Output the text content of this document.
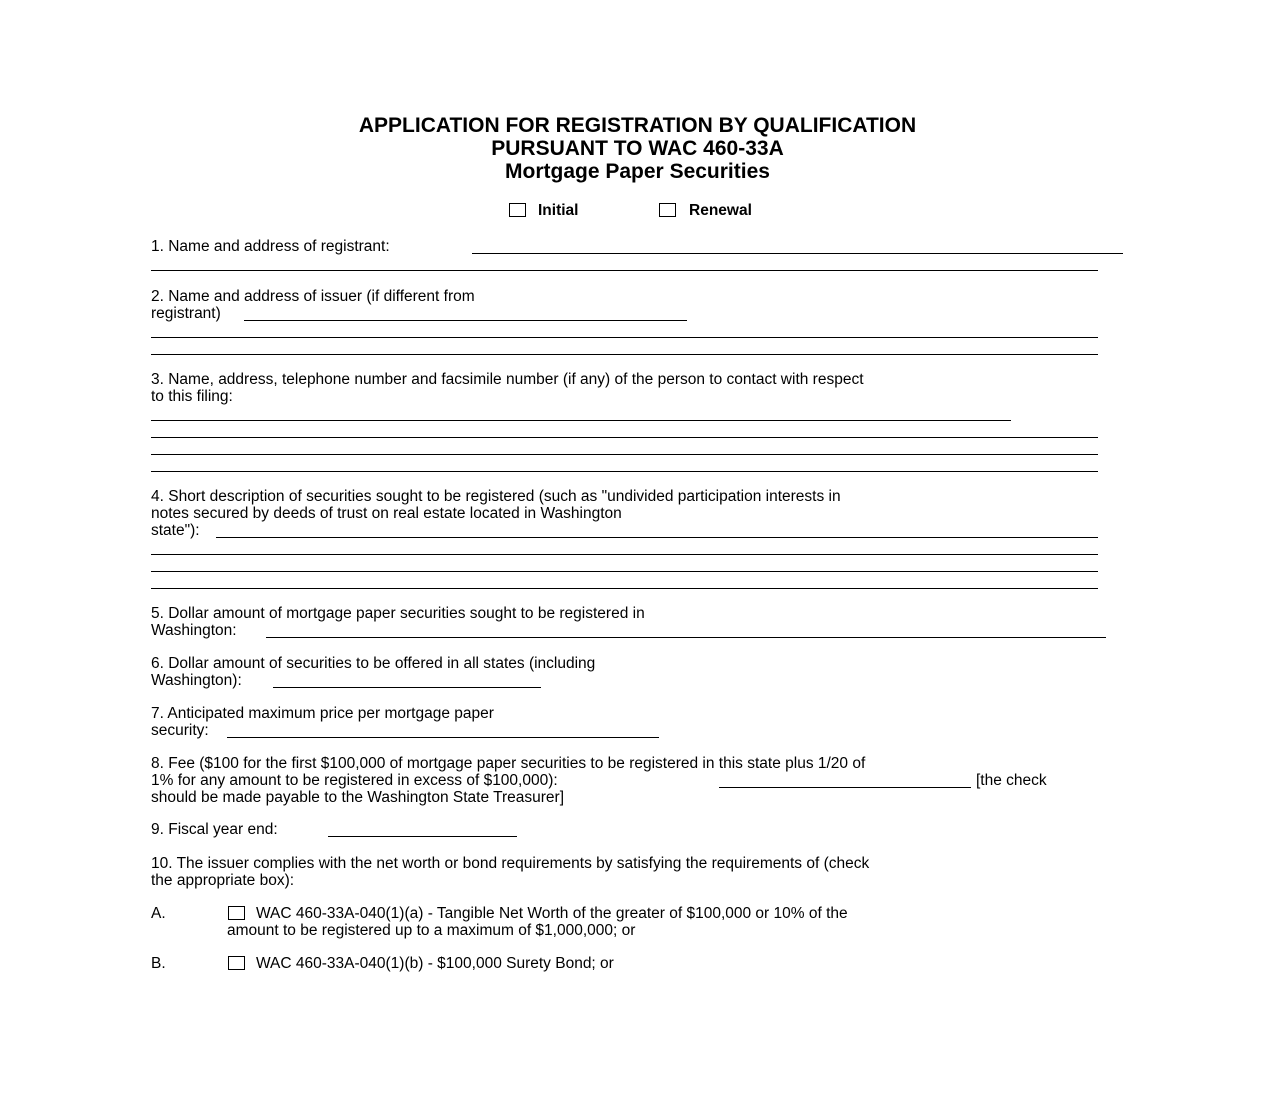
APPLICATION FOR REGISTRATION BY QUALIFICATION
PURSUANT TO WAC 460-33A
Mortgage Paper Securities
Initial	Renewal
1. Name and address of registrant:
2. Name and address of issuer (if different from
registrant)
3. Name, address, telephone number and facsimile number (if any) of the person to contact with respect
to this filing:
4. Short description of securities sought to be registered (such as "undivided participation interests in
notes secured by deeds of trust on real estate located in Washington
state"):
5. Dollar amount of mortgage paper securities sought to be registered in
Washington:
6. Dollar amount of securities to be offered in all states (including
Washington):
7. Anticipated maximum price per mortgage paper
security:
8. Fee ($100 for the first $100,000 of mortgage paper securities to be registered in this state plus 1/20 of
1% for any amount to be registered in excess of $100,000):	[the check
should be made payable to the Washington State Treasurer]
9. Fiscal year end:
10. The issuer complies with the net worth or bond requirements by satisfying the requirements of (check
the appropriate box):
A.	WAC 460-33A-040(1)(a) - Tangible Net Worth of the greater of $100,000 or 10% of the
amount to be registered up to a maximum of $1,000,000; or
B.	WAC 460-33A-040(1)(b) - $100,000 Surety Bond; or
